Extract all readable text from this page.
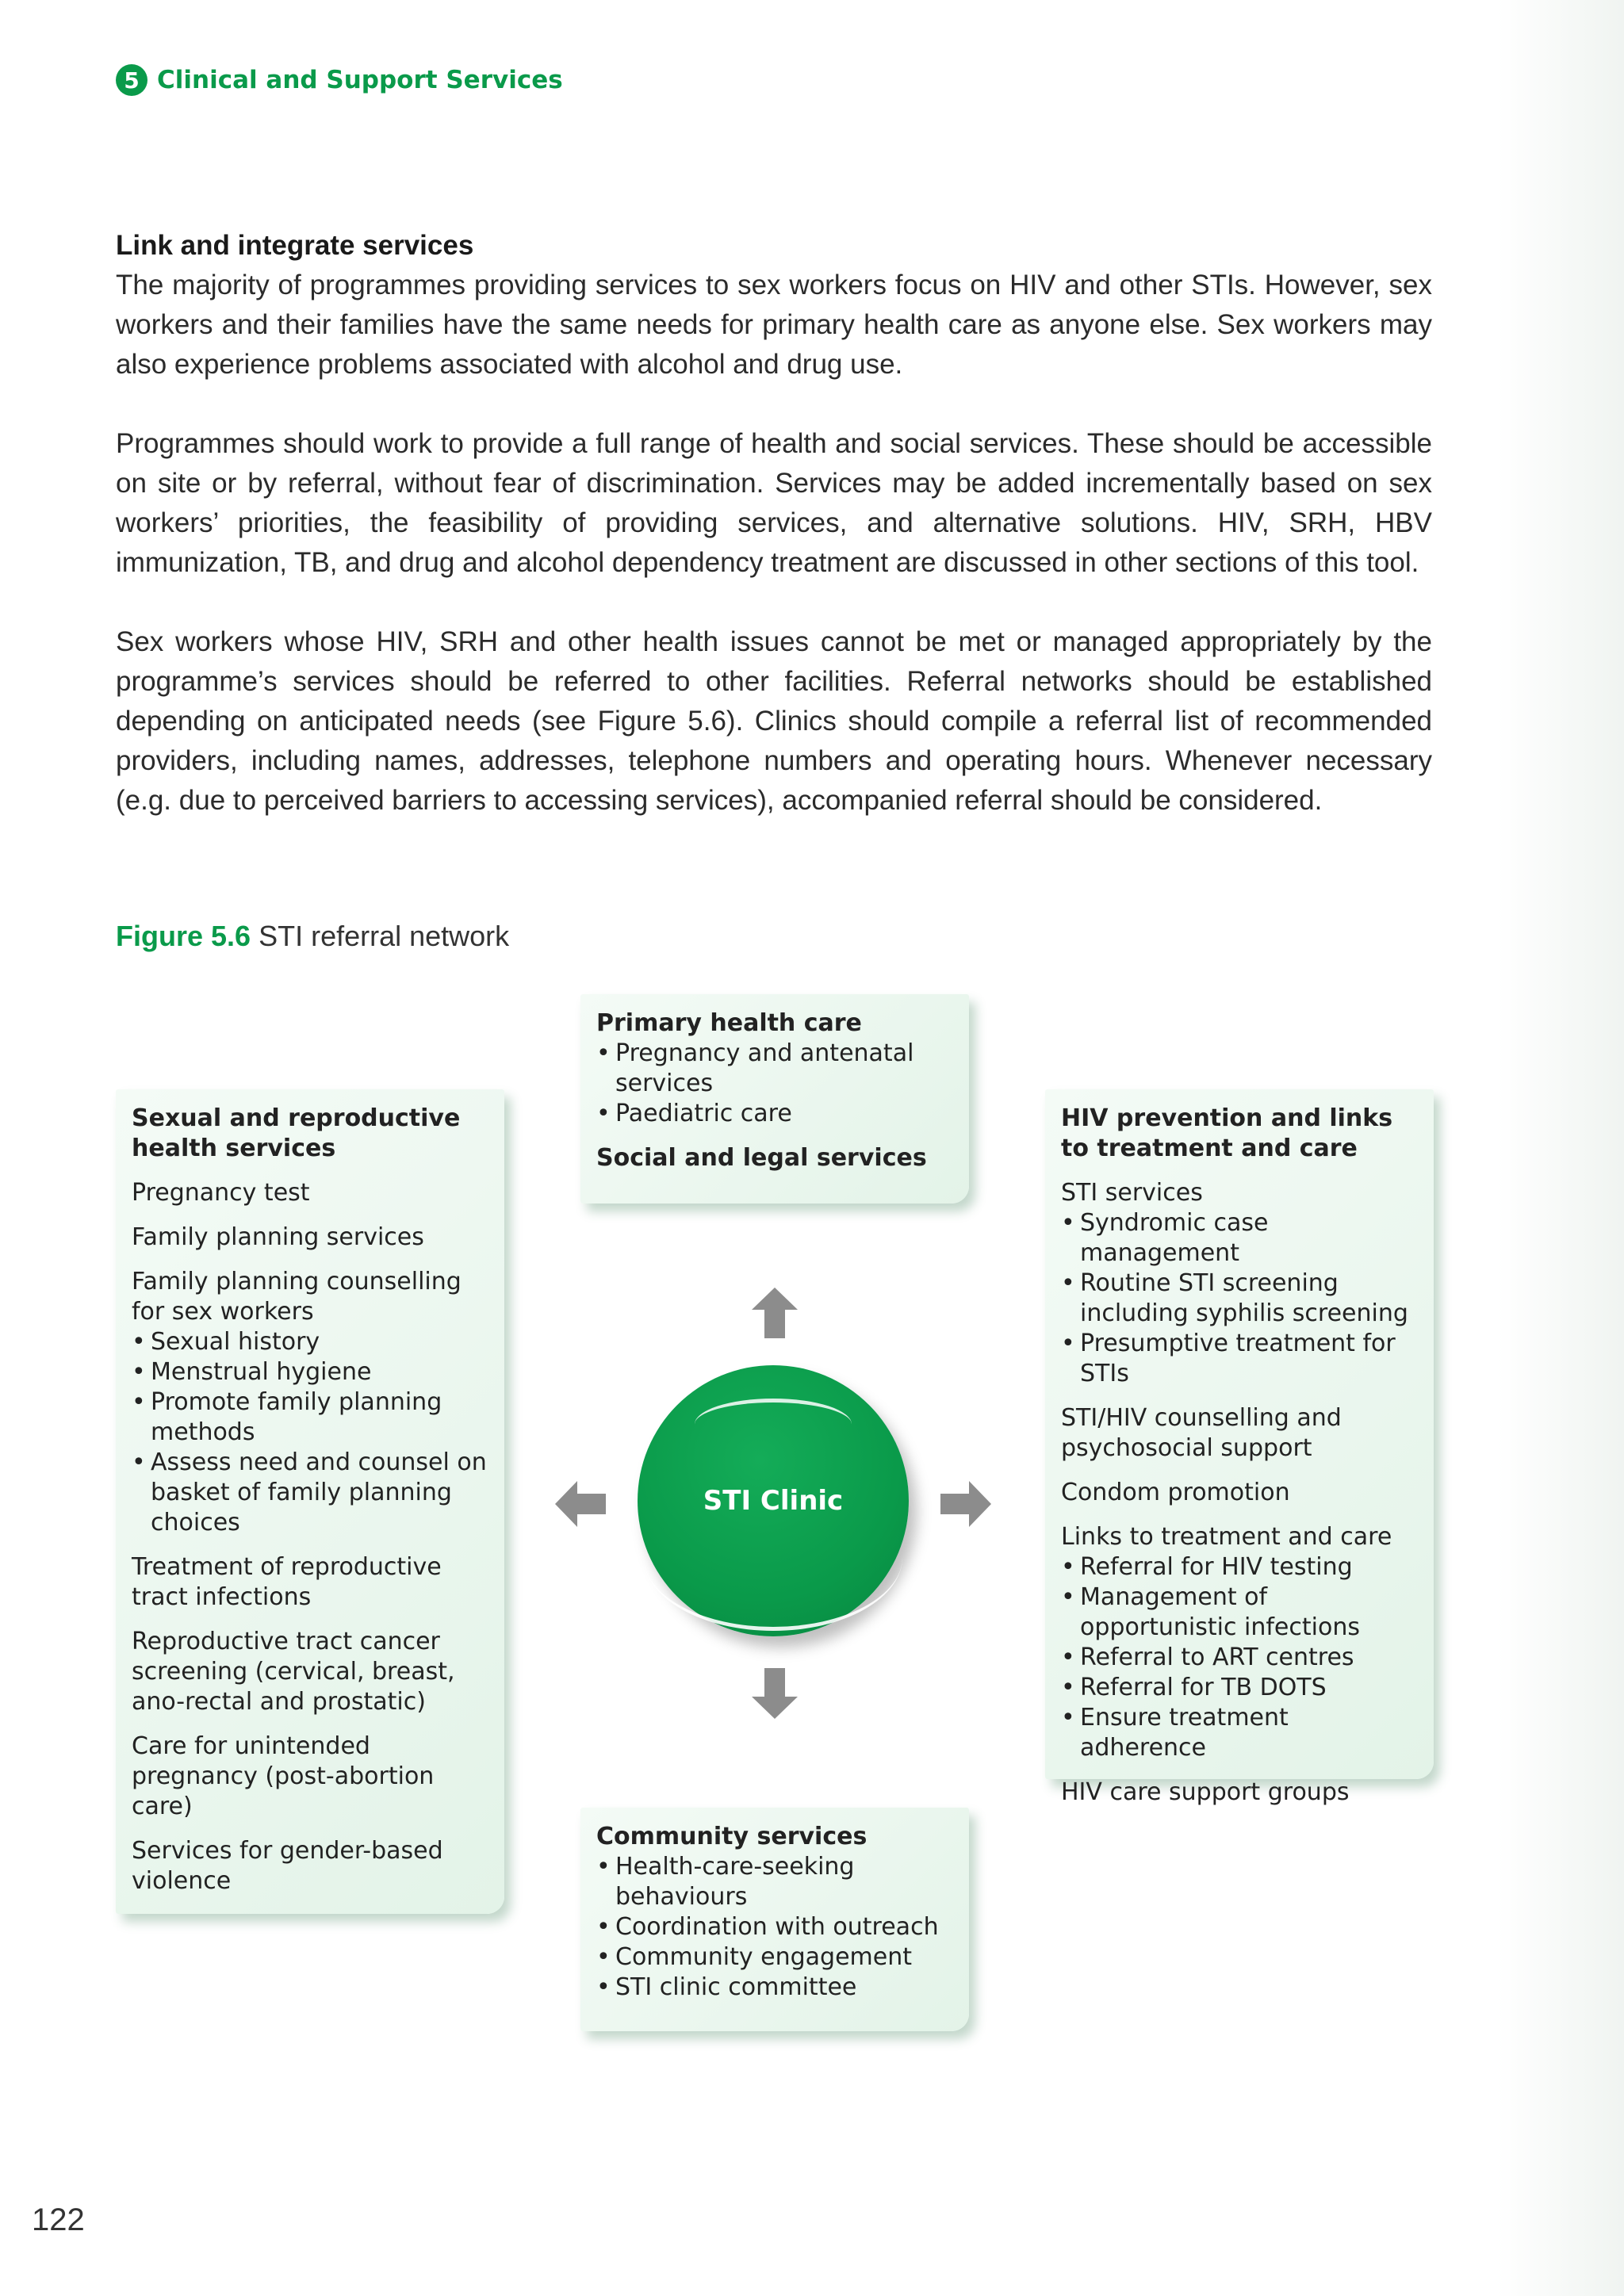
5 Clinical and Support Services

Link and integrate services

The majority of programmes providing services to sex workers focus on HIV and other STIs. However, sex workers and their families have the same needs for primary health care as anyone else. Sex workers may also experience problems associated with alcohol and drug use.

Programmes should work to provide a full range of health and social services. These should be accessible on site or by referral, without fear of discrimination. Services may be added incrementally based on sex workers’ priorities, the feasibility of providing services, and alternative solutions. HIV, SRH, HBV immunization, TB, and drug and alcohol dependency treatment are discussed in other sections of this tool.

Sex workers whose HIV, SRH and other health issues cannot be met or managed appropriately by the programme’s services should be referred to other facilities. Referral networks should be established depending on anticipated needs (see Figure 5.6). Clinics should compile a referral list of recommended providers, including names, addresses, telephone numbers and operating hours. Whenever necessary (e.g. due to perceived barriers to accessing services), accompanied referral should be considered.

Figure 5.6 STI referral network

Primary health care

• Pregnancy and antenatal services
• Paediatric care

Social and legal services

Sexual and reproductive health services

Pregnancy test

Family planning services

Family planning counselling for sex workers

• Sexual history
• Menstrual hygiene
• Promote family planning methods
• Assess need and counsel on basket of family planning choices

Treatment of reproductive tract infections

Reproductive tract cancer screening (cervical, breast, ano-rectal and prostatic)

Care for unintended pregnancy (post-abortion care)

Services for gender-based violence

HIV prevention and links to treatment and care

STI services

• Syndromic case management
• Routine STI screening including syphilis screening
• Presumptive treatment for STIs

STI/HIV counselling and psychosocial support

Condom promotion

Links to treatment and care

• Referral for HIV testing
• Management of opportunistic infections
• Referral to ART centres
• Referral for TB DOTS
• Ensure treatment adherence

HIV care support groups

Community services

• Health-care-seeking behaviours
• Coordination with outreach
• Community engagement
• STI clinic committee
STI Clinic
122
